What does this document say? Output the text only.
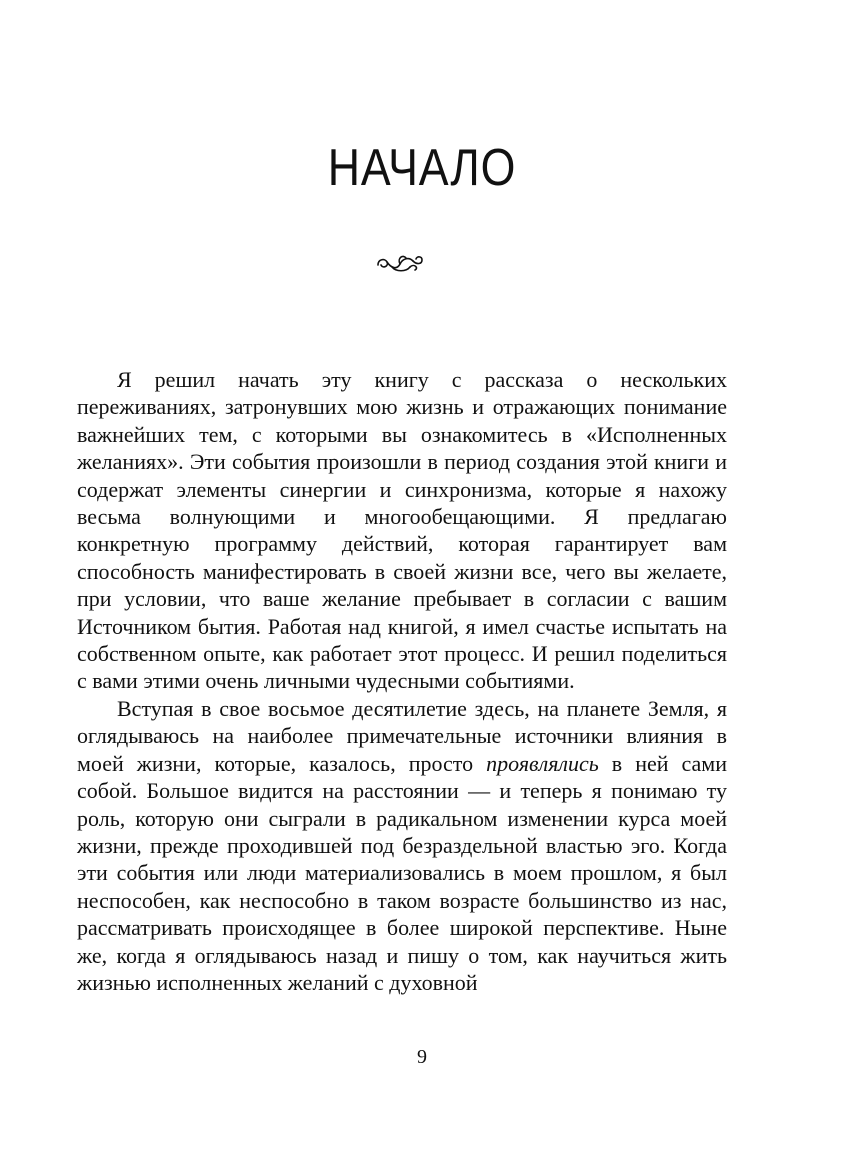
НАЧАЛО

Я решил начать эту книгу с рассказа о нескольких переживаниях, затронувших мою жизнь и отражающих понимание важнейших тем, с которыми вы ознакомитесь в «Исполненных желаниях». Эти события произошли в период создания этой книги и содержат элементы синергии и синхронизма, которые я нахожу весьма волнующими и многообещающими. Я предлагаю конкретную программу действий, которая гарантирует вам способность манифестировать в своей жизни все, чего вы желаете, при условии, что ваше желание пребывает в согласии с вашим Источником бытия. Работая над книгой, я имел счастье испытать на собственном опыте, как работает этот процесс. И решил поделиться с вами этими очень личными чудесными событиями.

Вступая в свое восьмое десятилетие здесь, на планете Земля, я оглядываюсь на наиболее примечательные источники влияния в моей жизни, которые, казалось, просто проявлялись в ней сами собой. Большое видится на расстоянии — и теперь я понимаю ту роль, которую они сыграли в радикальном изменении курса моей жизни, прежде проходившей под безраздельной властью эго. Когда эти события или люди материализовались в моем прошлом, я был неспособен, как неспособно в таком возрасте большинство из нас, рассматривать происходящее в более широкой перспективе. Ныне же, когда я оглядываюсь назад и пишу о том, как научиться жить жизнью исполненных желаний с духовной

9
